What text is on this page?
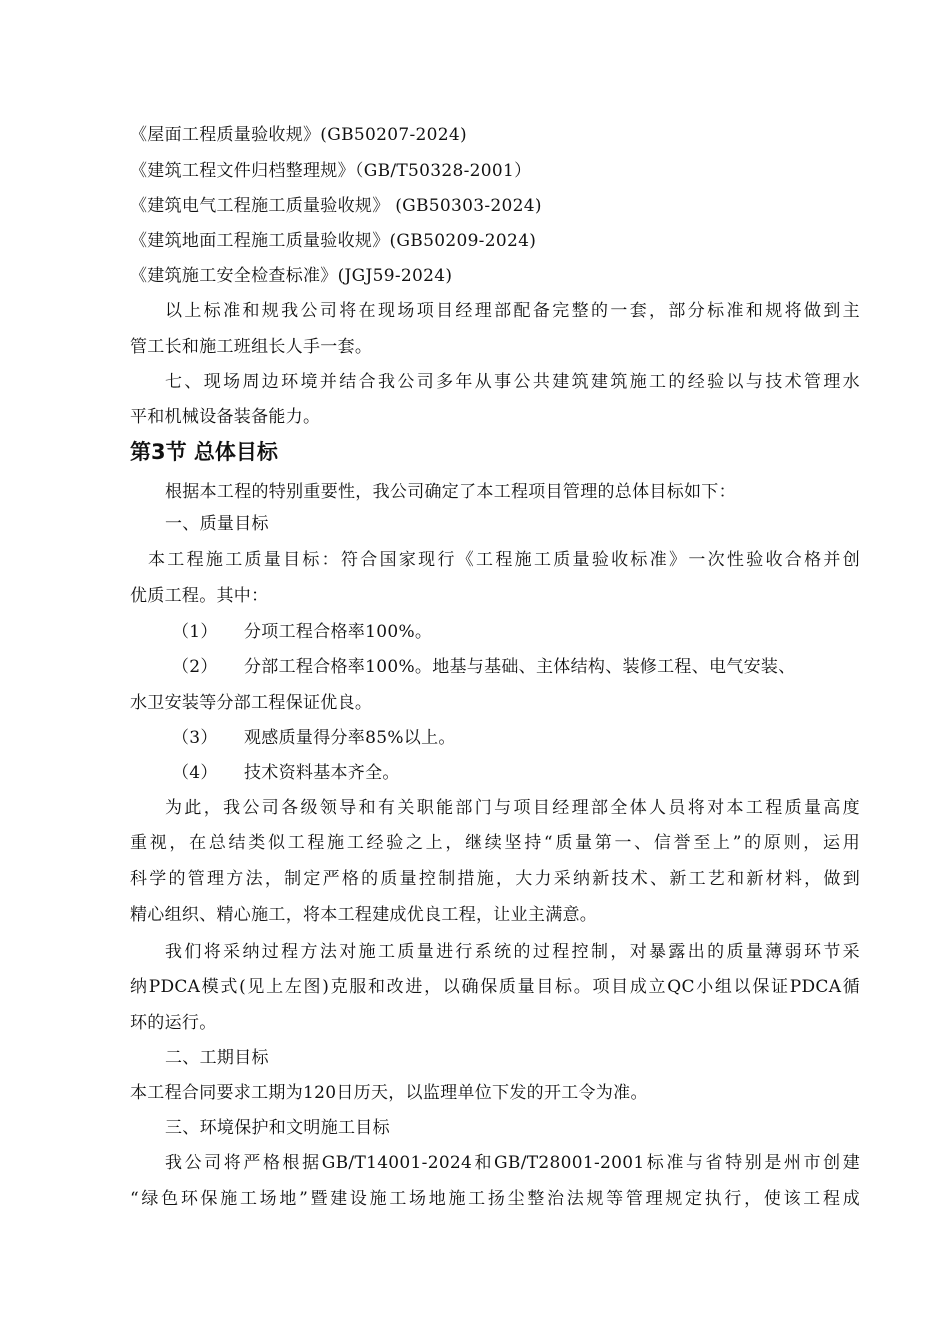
《屋面工程质量验收规》(GB50207-2024)
《建筑工程文件归档整理规》（GB/T50328-2001）
《建筑电气工程施工质量验收规》 (GB50303-2024)
《建筑地面工程施工质量验收规》(GB50209-2024)
《建筑施工安全检查标准》(JGJ59-2024)
以上标准和规我公司将在现场项目经理部配备完整的一套，部分标准和规将做到主
管工长和施工班组长人手一套。
七、现场周边环境并结合我公司多年从事公共建筑建筑施工的经验以与技术管理水
平和机械设备装备能力。
第3节 总体目标
根据本工程的特别重要性，我公司确定了本工程项目管理的总体目标如下：
一、质量目标
本工程施工质量目标：符合国家现行《工程施工质量验收标准》一次性验收合格并创
优质工程。其中：
（1） 分项工程合格率100%。
（2） 分部工程合格率100%。地基与基础、主体结构、装修工程、电气安装、
水卫安装等分部工程保证优良。
（3） 观感质量得分率85%以上。
（4） 技术资料基本齐全。
为此，我公司各级领导和有关职能部门与项目经理部全体人员将对本工程质量高度
重视，在总结类似工程施工经验之上，继续坚持“质量第一、信誉至上”的原则，运用
科学的管理方法，制定严格的质量控制措施，大力采纳新技术、新工艺和新材料，做到
精心组织、精心施工，将本工程建成优良工程，让业主满意。
我们将采纳过程方法对施工质量进行系统的过程控制，对暴露出的质量薄弱环节采
纳PDCA模式(见上左图)克服和改进，以确保质量目标。项目成立QC小组以保证PDCA循
环的运行。
二、工期目标
本工程合同要求工期为120日历天，以监理单位下发的开工令为准。
三、环境保护和文明施工目标
我公司将严格根据GB/T14001-2024和GB/T28001-2001标准与省特别是州市创建
“绿色环保施工场地”暨建设施工场地施工扬尘整治法规等管理规定执行，使该工程成
